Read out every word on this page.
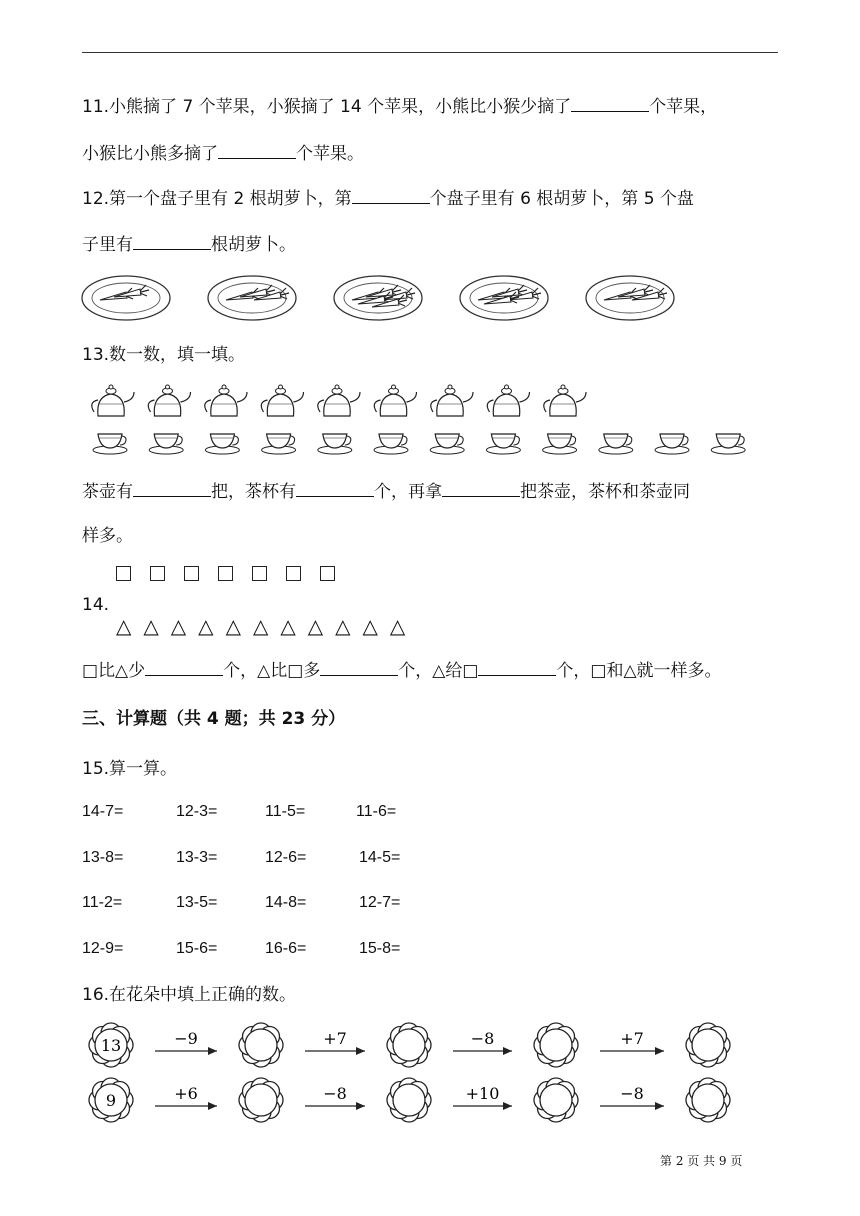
11.小熊摘了 7 个苹果，小猴摘了 14 个苹果，小熊比小猴少摘了	个苹果，
小猴比小熊多摘了	个苹果。
12.第一个盘子里有 2 根胡萝卜，第	个盘子里有 6 根胡萝卜，第 5 个盘
子里有	根胡萝卜。
13.数一数，填一填。
茶壶有	把，茶杯有	个，再拿	把茶壶，茶杯和茶壶同
样多。
14.
△ △ △ △ △ △ △ △ △ △ △
□比△少	个，△比□多	个，△给□	个，□和△就一样多。
三、计算题（共 4 题；共 23 分）
15.算一算。
14-7=	12-3=	11-5=	11-6=
13-8=	13-3=	12-6=	14-5=
11-2=	13-5=	14-8=	12-7=
12-9=	15-6=	16-6=	15-8=
16.在花朵中填上正确的数。
13	−9	+7	−8	+7
9	+6	−8	+10	−8
第 2 页 共 9 页
